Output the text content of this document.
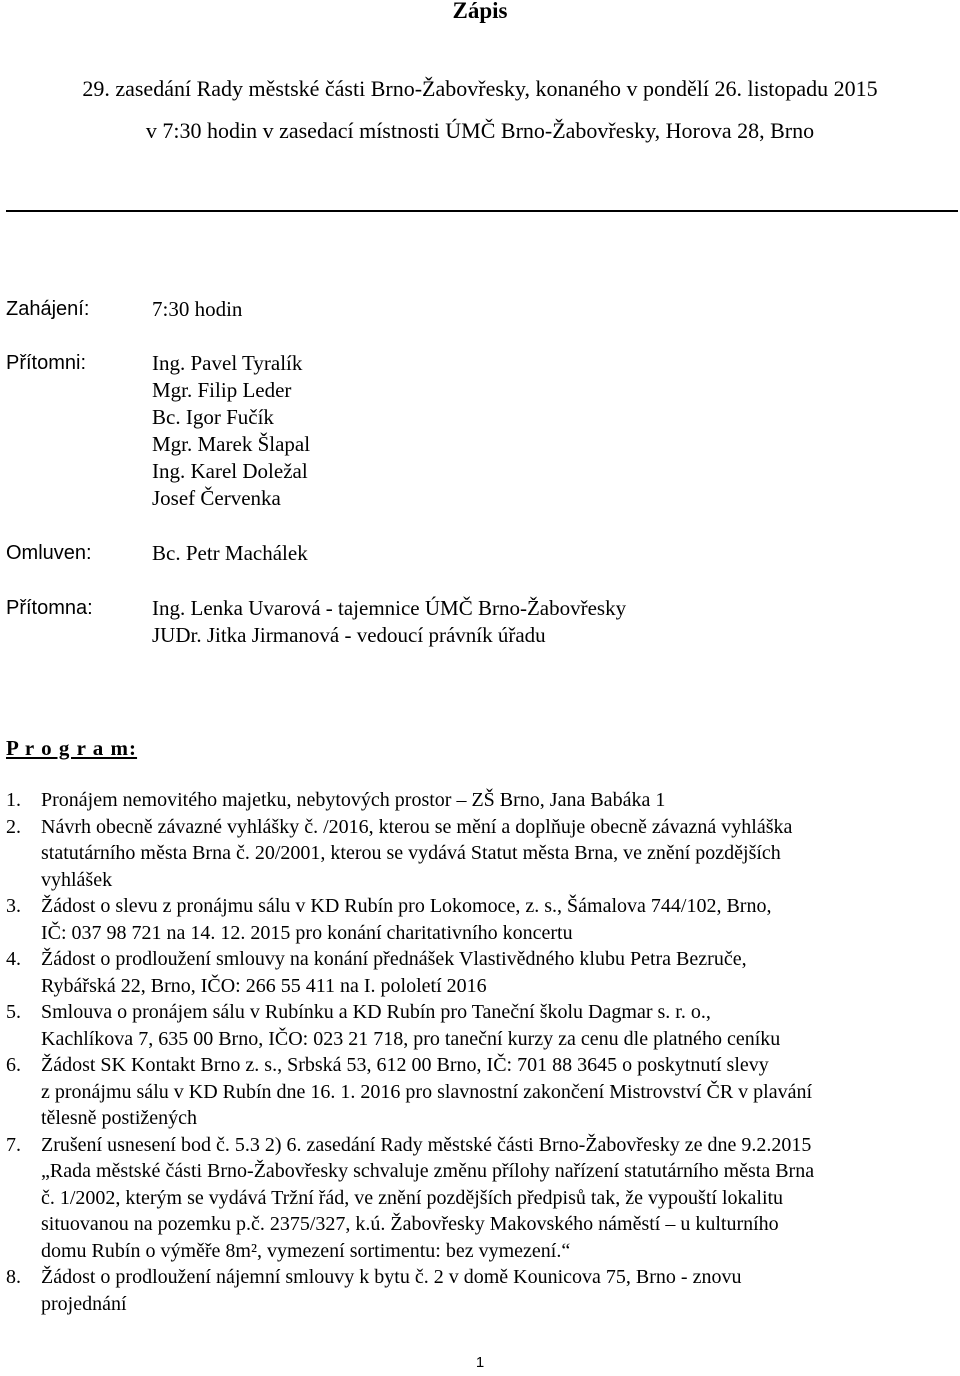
Zápis
29. zasedání Rady městské části Brno-Žabovřesky, konaného v pondělí 26. listopadu 2015
v 7:30 hodin v zasedací místnosti ÚMČ Brno-Žabovřesky, Horova 28, Brno
Zahájení:	7:30 hodin
Přítomni:	Ing. Pavel Tyralík
Mgr. Filip Leder
Bc. Igor Fučík
Mgr. Marek Šlapal
Ing. Karel Doležal
Josef Červenka
Omluven:	Bc. Petr Machálek
Přítomna:	Ing. Lenka Uvarová - tajemnice ÚMČ Brno-Žabovřesky
JUDr. Jitka Jirmanová - vedoucí právník úřadu
P r o g r a m:
1. Pronájem nemovitého majetku, nebytových prostor – ZŠ Brno, Jana Babáka 1
2. Návrh obecně závazné vyhlášky č. /2016, kterou se mění a doplňuje obecně závazná vyhláška
statutárního města Brna č. 20/2001, kterou se vydává Statut města Brna, ve znění pozdějších
vyhlášek
3. Žádost o slevu z pronájmu sálu v KD Rubín pro Lokomoce, z. s., Šámalova 744/102, Brno,
IČ: 037 98 721 na 14. 12. 2015 pro konání charitativního koncertu
4. Žádost o prodloužení smlouvy na konání přednášek Vlastivědného klubu Petra Bezruče,
Rybářská 22, Brno, IČO: 266 55 411 na I. pololetí 2016
5. Smlouva o pronájem sálu v Rubínku a KD Rubín pro Taneční školu Dagmar s. r. o.,
Kachlíkova 7, 635 00 Brno, IČO: 023 21 718, pro taneční kurzy za cenu dle platného ceníku
6. Žádost SK Kontakt Brno z. s., Srbská 53, 612 00 Brno, IČ: 701 88 3645 o poskytnutí slevy
z pronájmu sálu v KD Rubín dne 16. 1. 2016 pro slavnostní zakončení Mistrovství ČR v plavání
tělesně postižených
7. Zrušení usnesení bod č. 5.3 2) 6. zasedání Rady městské části Brno-Žabovřesky ze dne 9.2.2015
„Rada městské části Brno-Žabovřesky schvaluje změnu přílohy nařízení statutárního města Brna
č. 1/2002, kterým se vydává Tržní řád, ve znění pozdějších předpisů tak, že vypouští lokalitu
situovanou na pozemku p.č. 2375/327, k.ú. Žabovřesky Makovského náměstí – u kulturního
domu Rubín o výměře 8m², vymezení sortimentu: bez vymezení.“
8. Žádost o prodloužení nájemní smlouvy k bytu č. 2 v domě Kounicova 75, Brno - znovu
projednání
1
